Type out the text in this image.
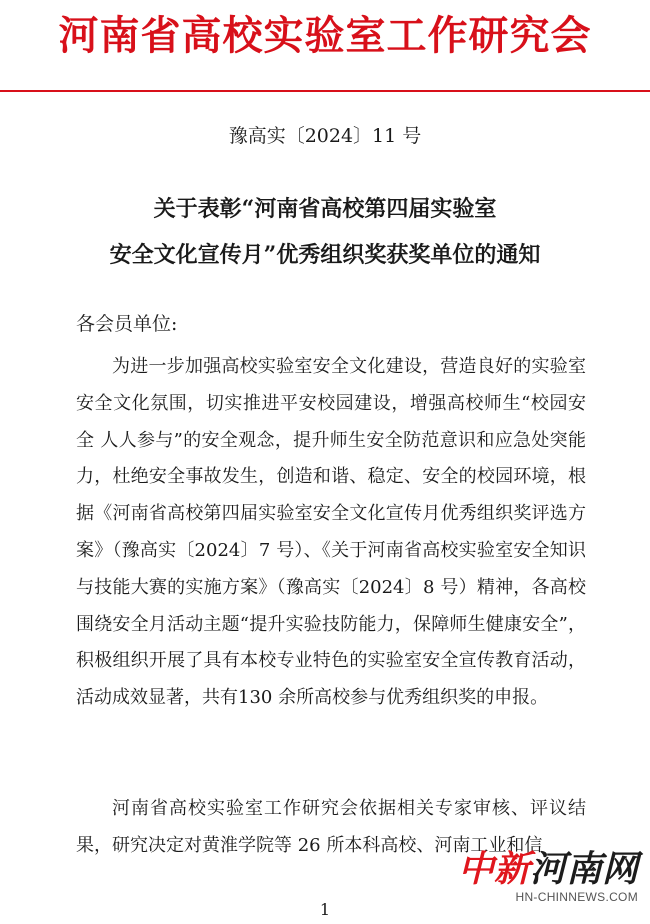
河南省高校实验室工作研究会
豫高实〔2024〕11 号
关于表彰“河南省高校第四届实验室
安全文化宣传月”优秀组织奖获奖单位的通知
各会员单位:
为进一步加强高校实验室安全文化建设，营造良好的实验室安全文化氛围，切实推进平安校园建设，增强高校师生“校园安全 人人参与”的安全观念，提升师生安全防范意识和应急处突能力，杜绝安全事故发生，创造和谐、稳定、安全的校园环境，根据《河南省高校第四届实验室安全文化宣传月优秀组织奖评选方案》（豫高实〔2024〕7 号）、《关于河南省高校实验室安全知识与技能大赛的实施方案》（豫高实〔2024〕8 号）精神，各高校围绕安全月活动主题“提升实验技防能力，保障师生健康安全”，积极组织开展了具有本校专业特色的实验室安全宣传教育活动，活动成效显著，共有130 余所高校参与优秀组织奖的申报。
河南省高校实验室工作研究会依据相关专家审核、评议结果，研究决定对黄淮学院等 26 所本科高校、河南工业和信
1
中新河南网
HN-CHINNEWS.COM
